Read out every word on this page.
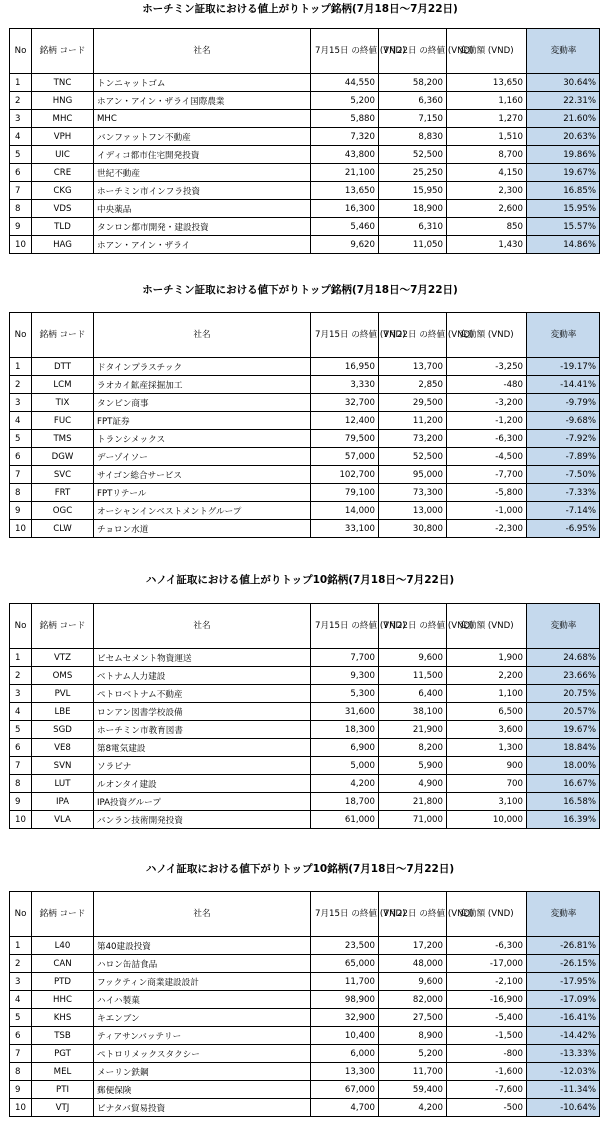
ホーチミン証取における値上がりトップ銘柄(7月18日〜7月22日)
No	銘柄 コード	社名	7月15日 の終値 (VND)	7月22日 の終値 (VND)	変動額 (VND)	変動率
1	TNC	トンニャットゴム	44,550	58,200	13,650	30.64%
2	HNG	ホアン・アイン・ザライ国際農業	5,200	6,360	1,160	22.31%
3	MHC	MHC	5,880	7,150	1,270	21.60%
4	VPH	バンファットフン不動産	7,320	8,830	1,510	20.63%
5	UIC	イディコ都市住宅開発投資	43,800	52,500	8,700	19.86%
6	CRE	世紀不動産	21,100	25,250	4,150	19.67%
7	CKG	ホーチミン市インフラ投資	13,650	15,950	2,300	16.85%
8	VDS	中央薬品	16,300	18,900	2,600	15.95%
9	TLD	タンロン都市開発・建設投資	5,460	6,310	850	15.57%
10	HAG	ホアン・アイン・ザライ	9,620	11,050	1,430	14.86%
ホーチミン証取における値下がりトップ銘柄(7月18日〜7月22日)
No	銘柄 コード	社名	7月15日 の終値 (VND)	7月22日 の終値 (VND)	変動額 (VND)	変動率
1	DTT	ドタインプラスチック	16,950	13,700	-3,250	-19.17%
2	LCM	ラオカイ鉱産採掘加工	3,330	2,850	-480	-14.41%
3	TIX	タンビン商事	32,700	29,500	-3,200	-9.79%
4	FUC	FPT証券	12,400	11,200	-1,200	-9.68%
5	TMS	トランシメックス	79,500	73,200	-6,300	-7.92%
6	DGW	デーゾイソー	57,000	52,500	-4,500	-7.89%
7	SVC	サイゴン総合サービス	102,700	95,000	-7,700	-7.50%
8	FRT	FPTリテール	79,100	73,300	-5,800	-7.33%
9	OGC	オーシャンインベストメントグループ	14,000	13,000	-1,000	-7.14%
10	CLW	チョロン水道	33,100	30,800	-2,300	-6.95%
ハノイ証取における値上がりトップ10銘柄(7月18日〜7月22日)
No	銘柄 コード	社名	7月15日 の終値 (VND)	7月22日 の終値 (VND)	変動額 (VND)	変動率
1	VTZ	ビセムセメント物資運送	7,700	9,600	1,900	24.68%
2	OMS	ベトナム人力建設	9,300	11,500	2,200	23.66%
3	PVL	ペトロベトナム不動産	5,300	6,400	1,100	20.75%
4	LBE	ロンアン図書学校設備	31,600	38,100	6,500	20.57%
5	SGD	ホーチミン市教育図書	18,300	21,900	3,600	19.67%
6	VE8	第8電気建設	6,900	8,200	1,300	18.84%
7	SVN	ソラビナ	5,000	5,900	900	18.00%
8	LUT	ルオンタイ建設	4,200	4,900	700	16.67%
9	IPA	IPA投資グループ	18,700	21,800	3,100	16.58%
10	VLA	バンラン技術開発投資	61,000	71,000	10,000	16.39%
ハノイ証取における値下がりトップ10銘柄(7月18日〜7月22日)
No	銘柄 コード	社名	7月15日 の終値 (VND)	7月22日 の終値 (VND)	変動額 (VND)	変動率
1	L40	第40建設投資	23,500	17,200	-6,300	-26.81%
2	CAN	ハロン缶詰食品	65,000	48,000	-17,000	-26.15%
3	PTD	フックティン商業建設設計	11,700	9,600	-2,100	-17.95%
4	HHC	ハイハ製菓	98,900	82,000	-16,900	-17.09%
5	KHS	キエンブン	32,900	27,500	-5,400	-16.41%
6	TSB	ティアサンバッテリー	10,400	8,900	-1,500	-14.42%
7	PGT	ペトロリメックスタクシー	6,000	5,200	-800	-13.33%
8	MEL	メーリン鉄鋼	13,300	11,700	-1,600	-12.03%
9	PTI	郵便保険	67,000	59,400	-7,600	-11.34%
10	VTJ	ビナタバ貿易投資	4,700	4,200	-500	-10.64%
